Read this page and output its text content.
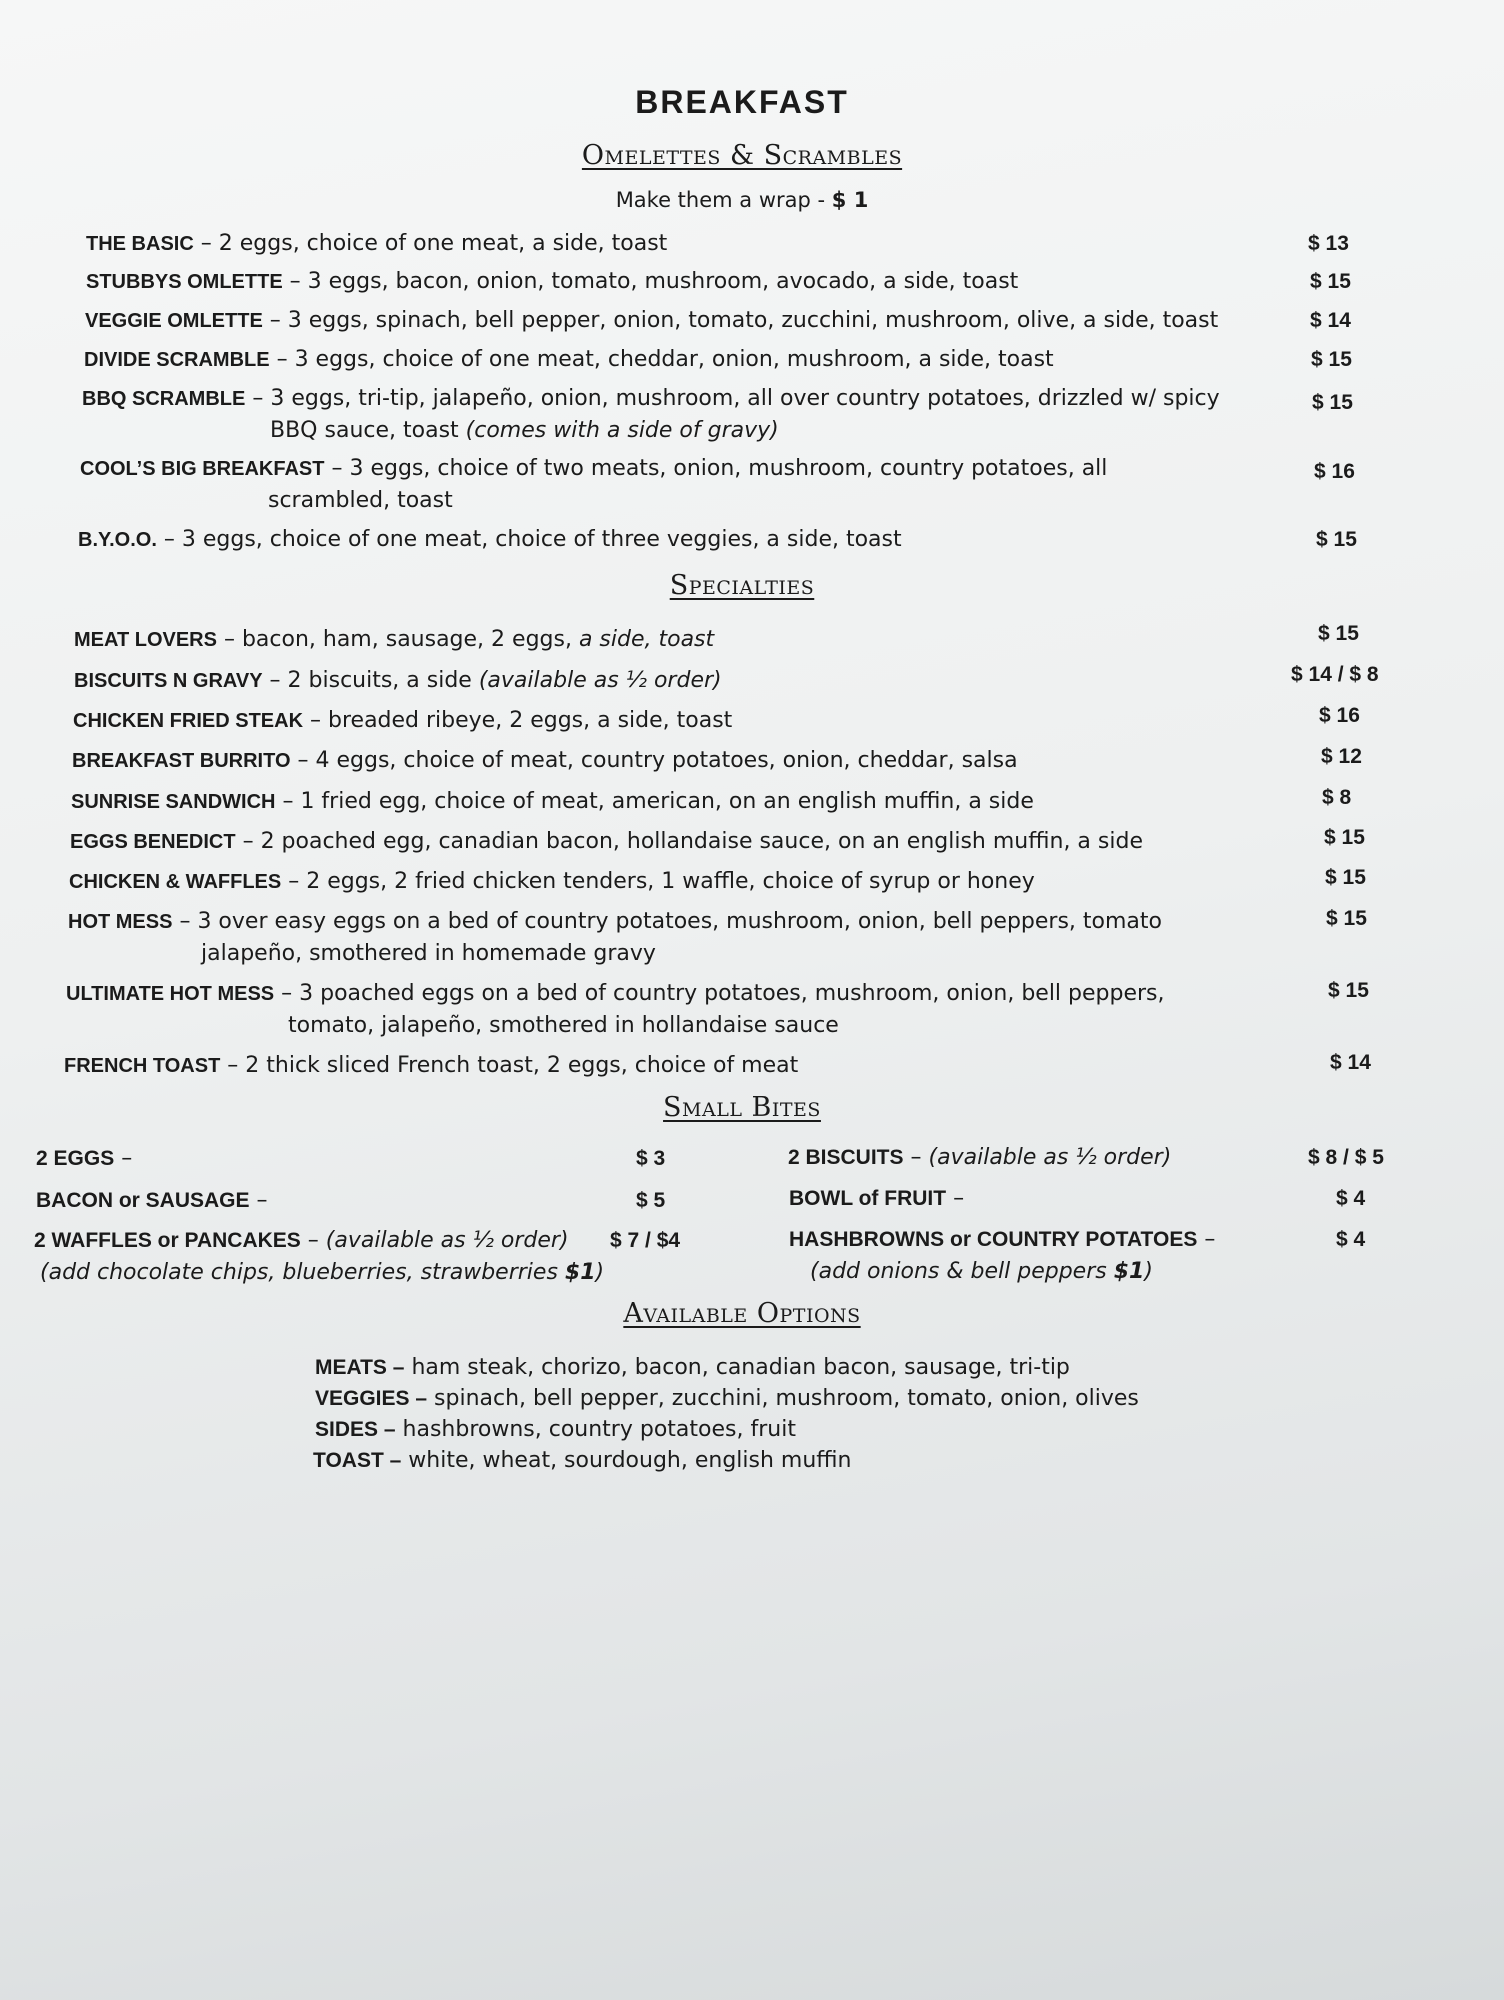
BREAKFAST
Omelettes & Scrambles
Make them a wrap - $ 1
THE BASIC – 2 eggs, choice of one meat, a side, toast	$ 13
STUBBYS OMLETTE – 3 eggs, bacon, onion, tomato, mushroom, avocado, a side, toast	$ 15
VEGGIE OMLETTE – 3 eggs, spinach, bell pepper, onion, tomato, zucchini, mushroom, olive, a side, toast	$ 14
DIVIDE SCRAMBLE – 3 eggs, choice of one meat, cheddar, onion, mushroom, a side, toast	$ 15
BBQ SCRAMBLE – 3 eggs, tri-tip, jalapeño, onion, mushroom, all over country potatoes, drizzled w/ spicy
BBQ sauce, toast (comes with a side of gravy)
$ 15
COOL’S BIG BREAKFAST – 3 eggs, choice of two meats, onion, mushroom, country potatoes, all
scrambled, toast
$ 16
B.Y.O.O. – 3 eggs, choice of one meat, choice of three veggies, a side, toast	$ 15
Specialties
MEAT LOVERS – bacon, ham, sausage, 2 eggs, a side, toast	$ 15
BISCUITS N GRAVY – 2 biscuits, a side (available as ½ order)	$ 14 / $ 8
CHICKEN FRIED STEAK – breaded ribeye, 2 eggs, a side, toast	$ 16
BREAKFAST BURRITO – 4 eggs, choice of meat, country potatoes, onion, cheddar, salsa	$ 12
SUNRISE SANDWICH – 1 fried egg, choice of meat, american, on an english muffin, a side	$ 8
EGGS BENEDICT – 2 poached egg, canadian bacon, hollandaise sauce, on an english muffin, a side	$ 15
CHICKEN & WAFFLES – 2 eggs, 2 fried chicken tenders, 1 waffle, choice of syrup or honey	$ 15
HOT MESS – 3 over easy eggs on a bed of country potatoes, mushroom, onion, bell peppers, tomato
jalapeño, smothered in homemade gravy
$ 15
ULTIMATE HOT MESS – 3 poached eggs on a bed of country potatoes, mushroom, onion, bell peppers,
tomato, jalapeño, smothered in hollandaise sauce
$ 15
FRENCH TOAST – 2 thick sliced French toast, 2 eggs, choice of meat	$ 14
Small Bites
2 EGGS –	$ 3
BACON or SAUSAGE –	$ 5
2 WAFFLES or PANCAKES – (available as ½ order) $ 7 / $4
(add chocolate chips, blueberries, strawberries $1)
2 BISCUITS – (available as ½ order)	$ 8 / $ 5
BOWL of FRUIT –	$ 4
HASHBROWNS or COUNTRY POTATOES –	$ 4
(add onions & bell peppers $1)
Available Options
MEATS – ham steak, chorizo, bacon, canadian bacon, sausage, tri-tip
VEGGIES – spinach, bell pepper, zucchini, mushroom, tomato, onion, olives
SIDES – hashbrowns, country potatoes, fruit
TOAST – white, wheat, sourdough, english muffin
